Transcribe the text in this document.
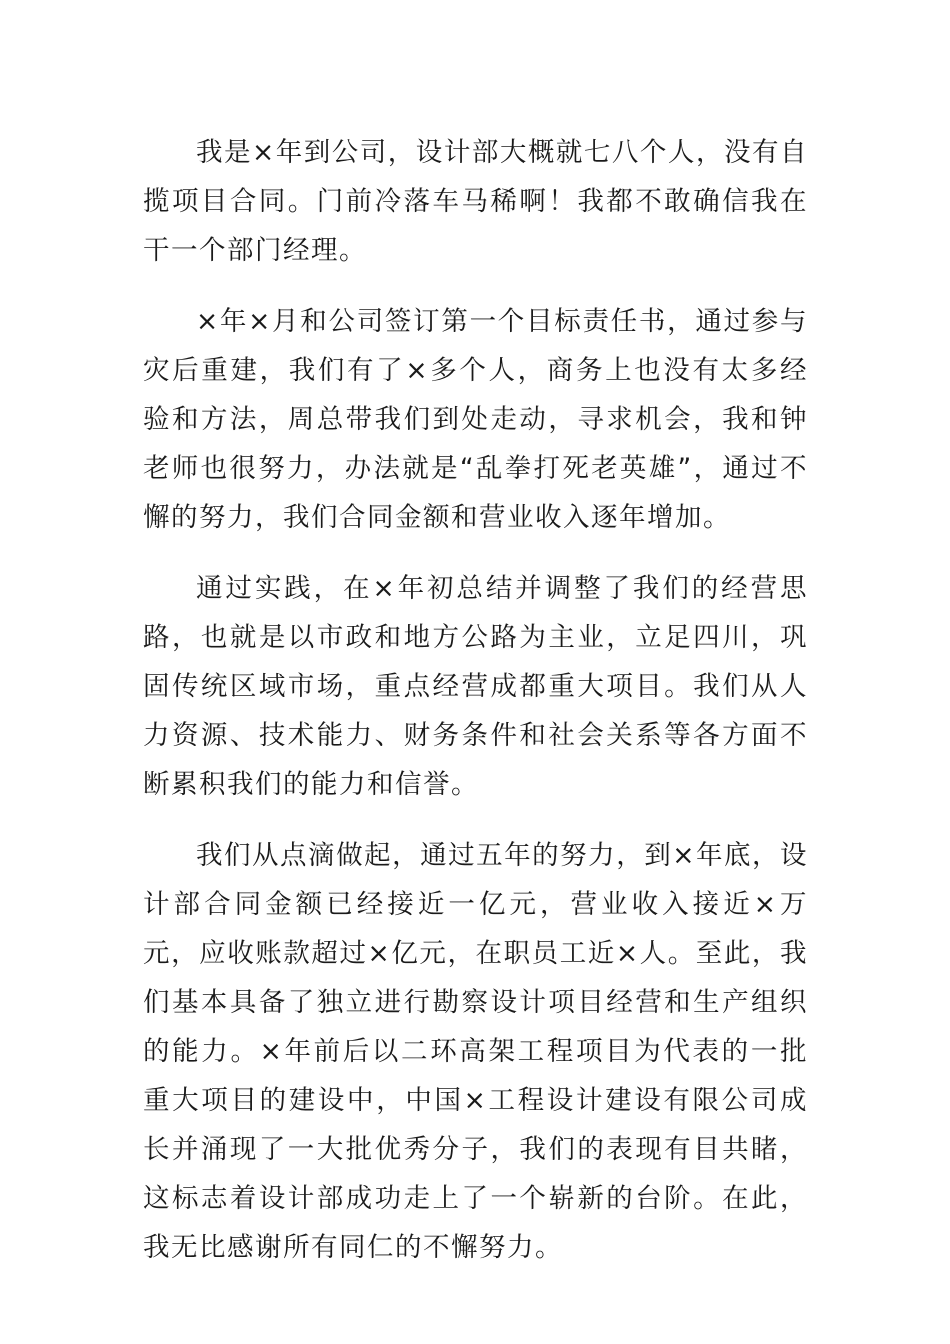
我是×年到公司，设计部大概就七八个人，没有自揽项目合同。门前冷落车马稀啊！我都不敢确信我在干一个部门经理。

×年×月和公司签订第一个目标责任书，通过参与灾后重建，我们有了×多个人，商务上也没有太多经验和方法，周总带我们到处走动，寻求机会，我和钟老师也很努力，办法就是“乱拳打死老英雄”，通过不懈的努力，我们合同金额和营业收入逐年增加。

通过实践，在×年初总结并调整了我们的经营思路，也就是以市政和地方公路为主业，立足四川，巩固传统区域市场，重点经营成都重大项目。我们从人力资源、技术能力、财务条件和社会关系等各方面不断累积我们的能力和信誉。

我们从点滴做起，通过五年的努力，到×年底，设计部合同金额已经接近一亿元，营业收入接近×万元，应收账款超过×亿元，在职员工近×人。至此，我们基本具备了独立进行勘察设计项目经营和生产组织的能力。×年前后以二环高架工程项目为代表的一批重大项目的建设中，中国×工程设计建设有限公司成长并涌现了一大批优秀分子，我们的表现有目共睹，这标志着设计部成功走上了一个崭新的台阶。在此，我无比感谢所有同仁的不懈努力。
